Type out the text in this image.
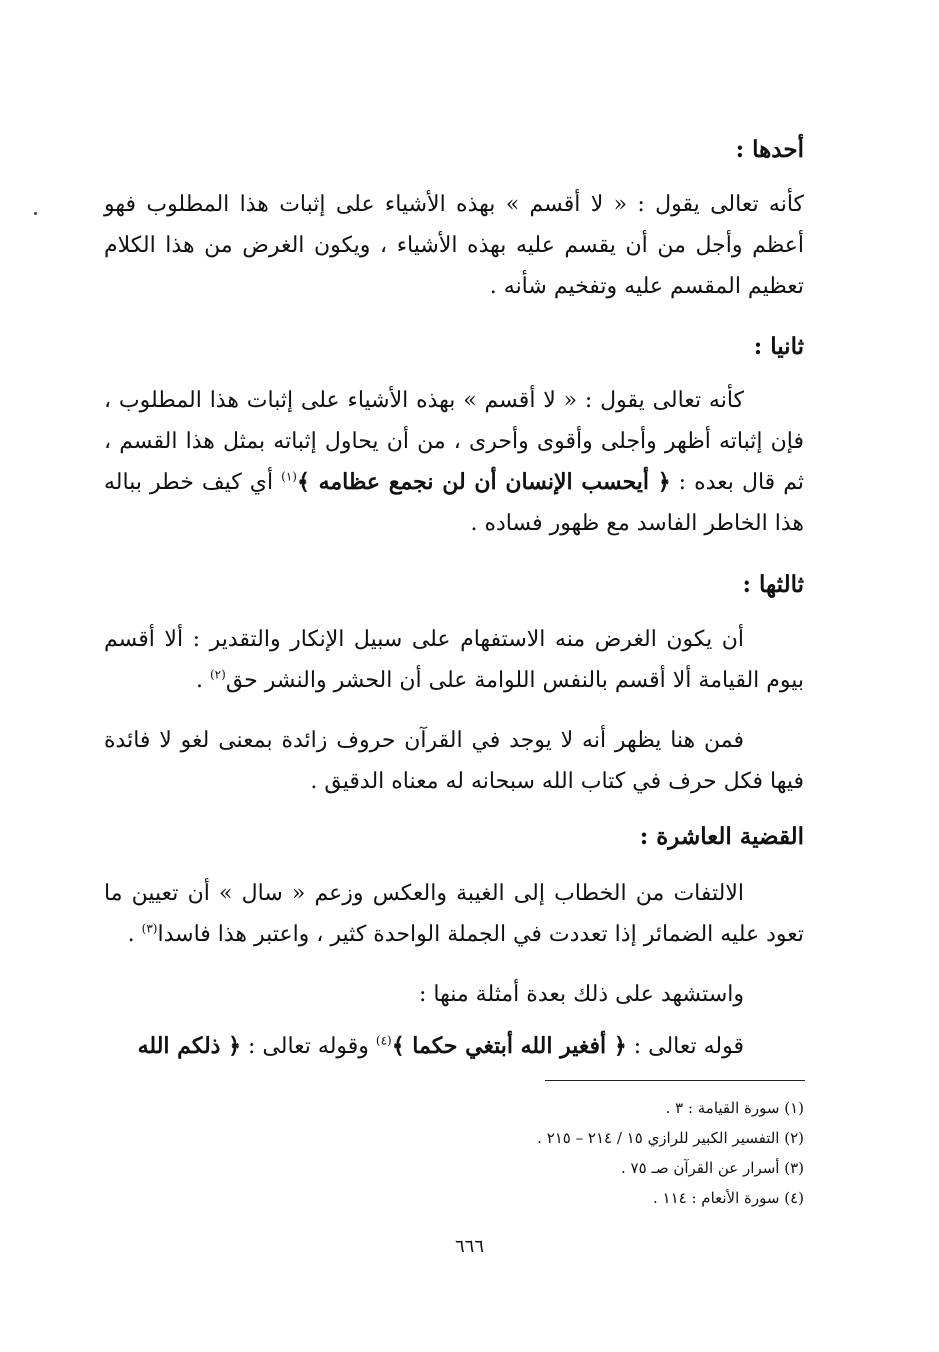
أحدها :

كأنه تعالى يقول : « لا أقسم » بهذه الأشياء على إثبات هذا المطلوب فهو أعظم وأجل من أن يقسم عليه بهذه الأشياء ، ويكون الغرض من هذا الكلام تعظيم المقسم عليه وتفخيم شأنه .

ثانيا :

كأنه تعالى يقول : « لا أقسم » بهذه الأشياء على إثبات هذا المطلوب ، فإن إثباته أظهر وأجلى وأقوى وأحرى ، من أن يحاول إثباته بمثل هذا القسم ، ثم قال بعده : ﴿ أيحسب الإنسان أن لن نجمع عظامه ﴾$^{(١)}$ أي كيف خطر بباله هذا الخاطر الفاسد مع ظهور فساده .

ثالثها :

أن يكون الغرض منه الاستفهام على سبيل الإنكار والتقدير : ألا أقسم بيوم القيامة ألا أقسم بالنفس اللوامة على أن الحشر والنشر حق$^{(٢)}$ .

فمن هنا يظهر أنه لا يوجد في القرآن حروف زائدة بمعنى لغو لا فائدة فيها فكل حرف في كتاب الله سبحانه له معناه الدقيق .

القضية العاشرة :

الالتفات من الخطاب إلى الغيبة والعكس وزعم « سال » أن تعيين ما تعود عليه الضمائر إذا تعددت في الجملة الواحدة كثير ، واعتبر هذا فاسدا$^{(٣)}$ .

واستشهد على ذلك بعدة أمثلة منها :

قوله تعالى : ﴿ أفغير الله أبتغي حكما ﴾$^{(٤)}$ وقوله تعالى : ﴿ ذلكم الله

(١) سورة القيامة : ٣ .
(٢) التفسير الكبير للرازي ١٥ / ٢١٤ – ٢١٥ .
(٣) أسرار عن القرآن صـ ٧٥ .
(٤) سورة الأنعام : ١١٤ .
٦٦٦
